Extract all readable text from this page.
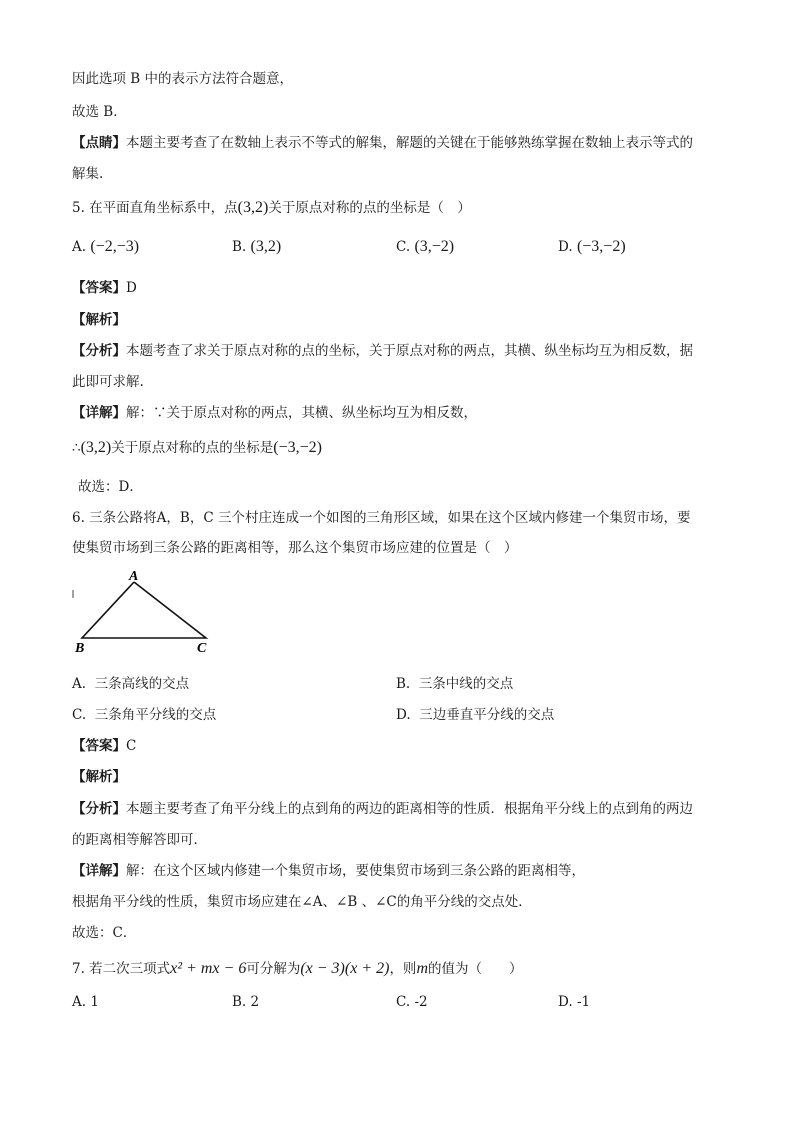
因此选项 B 中的表示方法符合题意，
故选 B．
【点睛】本题主要考查了在数轴上表示不等式的解集，解题的关键在于能够熟练掌握在数轴上表示等式的
解集.
5. 在平面直角坐标系中，点(3,2)关于原点对称的点的坐标是（　）
A. (−2,−3)	B. (3,2)	C. (3,−2)	D. (−3,−2)
【答案】D
【解析】
【分析】本题考查了求关于原点对称的点的坐标，关于原点对称的两点，其横、纵坐标均互为相反数，据
此即可求解.
【详解】解：∵关于原点对称的两点，其横、纵坐标均互为相反数，
∴(3,2)关于原点对称的点的坐标是(−3,−2)
故选：D．
6. 三条公路将A，B，C 三个村庄连成一个如图的三角形区域，如果在这个区域内修建一个集贸市场，要
使集贸市场到三条公路的距离相等，那么这个集贸市场应建的位置是（　）
A
B	C
A. 三条高线的交点	B. 三条中线的交点
C. 三条角平分线的交点	D. 三边垂直平分线的交点
【答案】C
【解析】
【分析】本题主要考查了角平分线上的点到角的两边的距离相等的性质．根据角平分线上的点到角的两边
的距离相等解答即可．
【详解】解：在这个区域内修建一个集贸市场，要使集贸市场到三条公路的距离相等，
根据角平分线的性质，集贸市场应建在∠A、∠B 、∠C的角平分线的交点处．
故选：C．
7. 若二次三项式x² + mx − 6可分解为(x − 3)(x + 2)，则m的值为（　　）
A. 1	B. 2	C. -2	D. -1
